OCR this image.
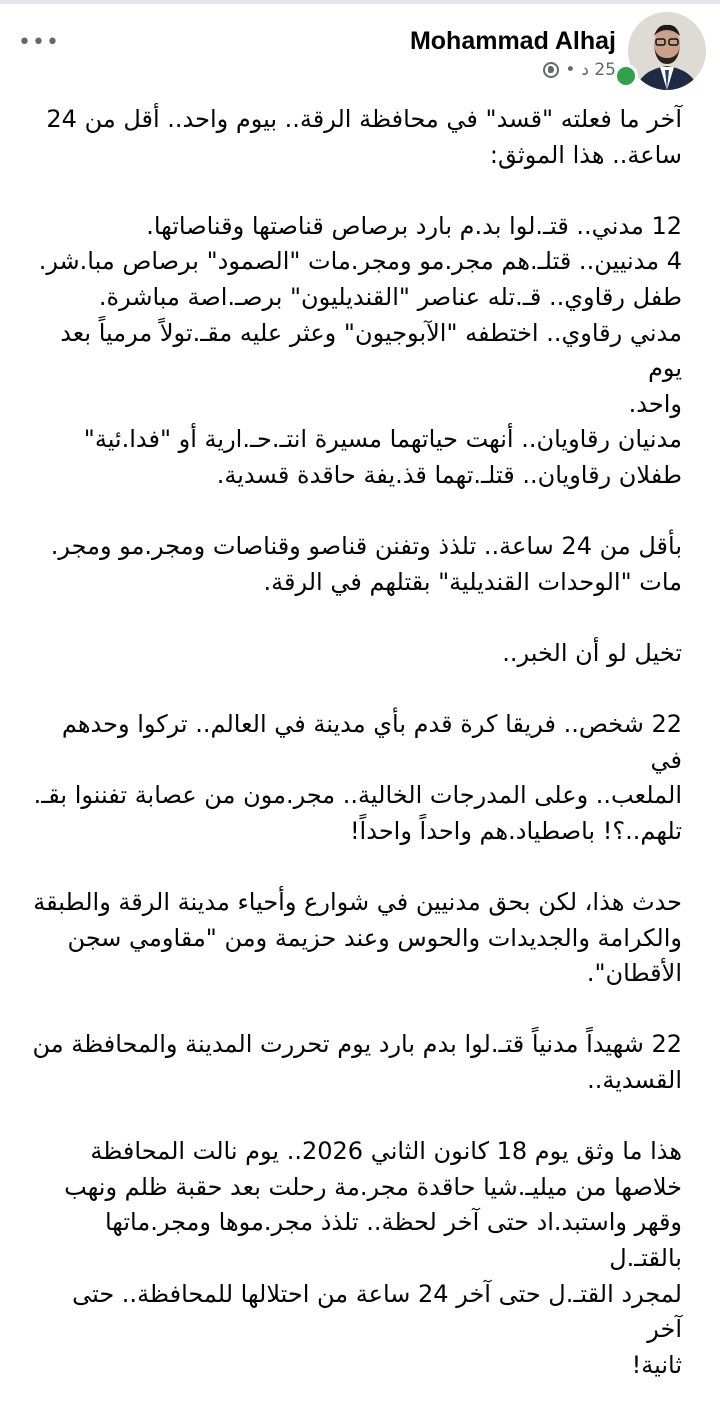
•••	Mohammad Alhaj
• 25 د

آخر ما فعلته "قسد" في محافظة الرقة.. بيوم واحد.. أقل من 24
ساعة.. هذا الموثق:

12 مدني.. قتـ.لوا بد.م بارد برصاص قناصتها وقناصاتها.
4 مدنيين.. قتلـ.هم مجر.مو ومجر.مات "الصمود" برصاص مبا.شر.
طفل رقاوي.. قـ.تله عناصر "القنديليون" برصـ.اصة مباشرة.
مدني رقاوي.. اختطفه "الآبوجيون" وعثر عليه مقـ.تولاً مرمياً بعد يوم
واحد.
مدنيان رقاويان.. أنهت حياتهما مسيرة انتـ.حـ.ارية أو "فدا.ئية"
طفلان رقاويان.. قتلـ.تهما قذ.يفة حاقدة قسدية.

بأقل من 24 ساعة.. تلذذ وتفنن قناصو وقناصات ومجر.مو ومجر.
مات "الوحدات القنديلية" بقتلهم في الرقة.

تخيل لو أن الخبر..

22 شخص.. فريقا كرة قدم بأي مدينة في العالم.. تركوا وحدهم في
الملعب.. وعلى المدرجات الخالية.. مجر.مون من عصابة تفننوا بقـ.
تلهم..؟! باصطياد.هم واحداً واحداً!

حدث هذا، لكن بحق مدنيين في شوارع وأحياء مدينة الرقة والطبقة
والكرامة والجديدات والحوس وعند حزيمة ومن "مقاومي سجن
الأقطان".

22 شهيداً مدنياً قتـ.لوا بدم بارد يوم تحررت المدينة والمحافظة من
القسدية..

هذا ما وثق يوم 18 كانون الثاني 2026.. يوم نالت المحافظة
خلاصها من ميليـ.شيا حاقدة مجر.مة رحلت بعد حقبة ظلم ونهب
وقهر واستبد.اد حتى آخر لحظة.. تلذذ مجر.موها ومجر.ماتها بالقتـ.ل
لمجرد القتـ.ل حتى آخر 24 ساعة من احتلالها للمحافظة.. حتى آخر
ثانية!
